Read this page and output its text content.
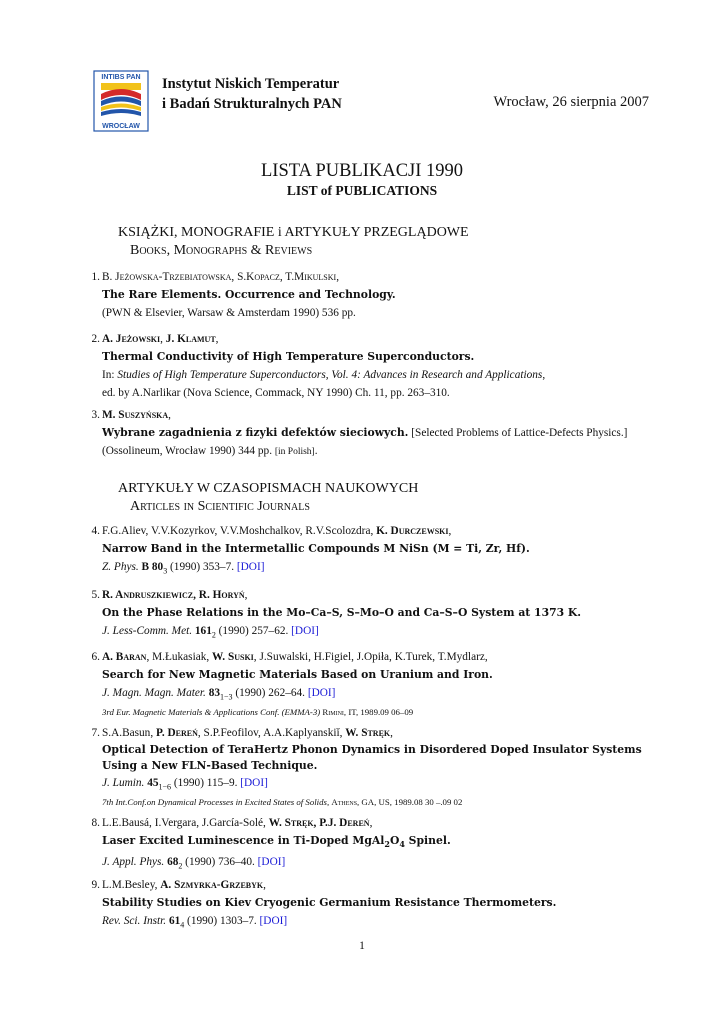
INTIBS PAN
WROCŁAW
Instytut Niskich Temperatur
i Badań Strukturalnych PAN	Wrocław, 26 sierpnia 2007
LISTA PUBLIKACJI 1990
LIST of PUBLICATIONS
KSIĄŻKI, MONOGRAFIE i ARTYKUŁY PRZEGLĄDOWE
Books, Monographs & Reviews
1. B. Jeżowska-Trzebiatowska, S.Kopacz, T.Mikulski,
The Rare Elements. Occurrence and Technology.
(PWN & Elsevier, Warsaw & Amsterdam 1990) 536 pp.
2. A. Jeżowski, J. Klamut,
Thermal Conductivity of High Temperature Superconductors.
In: Studies of High Temperature Superconductors, Vol. 4: Advances in Research and Applications,
ed. by A.Narlikar (Nova Science, Commack, NY 1990) Ch. 11, pp. 263–310.
3. M. Suszyńska,
Wybrane zagadnienia z fizyki defektów sieciowych. [Selected Problems of Lattice-Defects Physics.]
(Ossolineum, Wrocław 1990) 344 pp. [in Polish].
ARTYKUŁY W CZASOPISMACH NAUKOWYCH
Articles in Scientific Journals
4. F.G.Aliev, V.V.Kozyrkov, V.V.Moshchalkov, R.V.Scolozdra, K. Durczewski,
Narrow Band in the Intermetallic Compounds M NiSn (M = Ti, Zr, Hf).
Z. Phys. B $80_3$ (1990) 353–7. [DOI]
5. R. Andruszkiewicz, R. Horyń,
On the Phase Relations in the Mo–Ca–S, S–Mo–O and Ca–S–O System at 1373 K.
J. Less-Comm. Met. $161_2$ (1990) 257–62. [DOI]
6. A. Baran, M.Łukasiak, W. Suski, J.Suwalski, H.Figiel, J.Opiła, K.Turek, T.Mydlarz,
Search for New Magnetic Materials Based on Uranium and Iron.
J. Magn. Magn. Mater. $83_{1-3}$ (1990) 262–64. [DOI]
3rd Eur. Magnetic Materials & Applications Conf. (EMMA-3) Rimini, IT, 1989.09 06–09
7. S.A.Basun, P. Dereń, S.P.Feofilov, A.A.Kaplyanskiĭ, W. Stręk,
Optical Detection of TeraHertz Phonon Dynamics in Disordered Doped Insulator Systems
Using a New FLN-Based Technique.
J. Lumin. $45_{1-6}$ (1990) 115–9. [DOI]
7th Int.Conf.on Dynamical Processes in Excited States of Solids, Athens, GA, US, 1989.08 30 –.09 02
8. L.E.Bausá, I.Vergara, J.García-Solé, W. Stręk, P.J. Dereń,
Laser Excited Luminescence in Ti-Doped $MgAl_2O_4$ Spinel.
J. Appl. Phys. $68_2$ (1990) 736–40. [DOI]
9. L.M.Besley, A. Szmyrka-Grzebyk,
Stability Studies on Kiev Cryogenic Germanium Resistance Thermometers.
Rev. Sci. Instr. $61_4$ (1990) 1303–7. [DOI]
1
